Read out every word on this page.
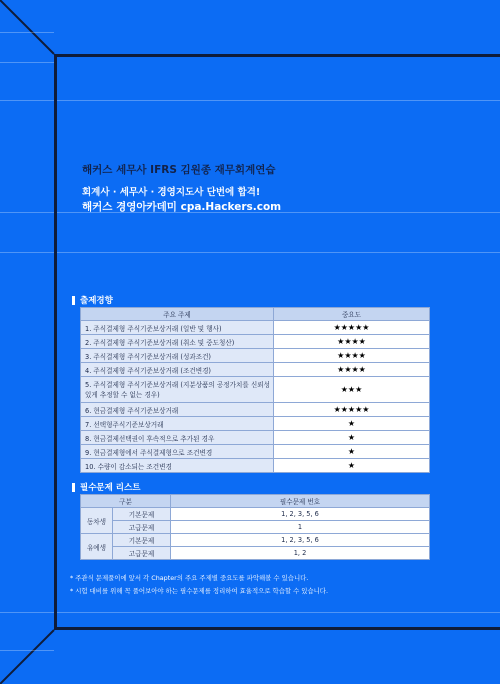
해커스 세무사 IFRS 김원종 재무회계연습
회계사 · 세무사 · 경영지도사 단번에 합격!
해커스 경영아카데미 cpa.Hackers.com
출제경향
주요 주제	중요도
1. 주식결제형 주식기준보상거래 (일반 및 행사)	★★★★★
2. 주식결제형 주식기준보상거래 (취소 및 중도청산)	★★★★
3. 주식결제형 주식기준보상거래 (성과조건)	★★★★
4. 주식결제형 주식기준보상거래 (조건변경)	★★★★
5. 주식결제형 주식기준보상거래 (지분상품의 공정가치를 신뢰성 있게 추정할 수 없는 경우)	★★★
6. 현금결제형 주식기준보상거래	★★★★★
7. 선택형주식기준보상거래	★
8. 현금결제선택권이 후속적으로 추가된 경우	★
9. 현금결제형에서 주식결제형으로 조건변경	★
10. 수량이 감소되는 조건변경	★
필수문제 리스트
구분		필수문제 번호
동차생	기본문제	1, 2, 3, 5, 6
	고급문제	1
유예생	기본문제	1, 2, 3, 5, 6
	고급문제	1, 2
* 주관식 문제풀이에 앞서 각 Chapter의 주요 주제별 중요도를 파악해볼 수 있습니다.
* 시험 대비를 위해 꼭 풀어보아야 하는 필수문제를 정리하여 효율적으로 학습할 수 있습니다.
